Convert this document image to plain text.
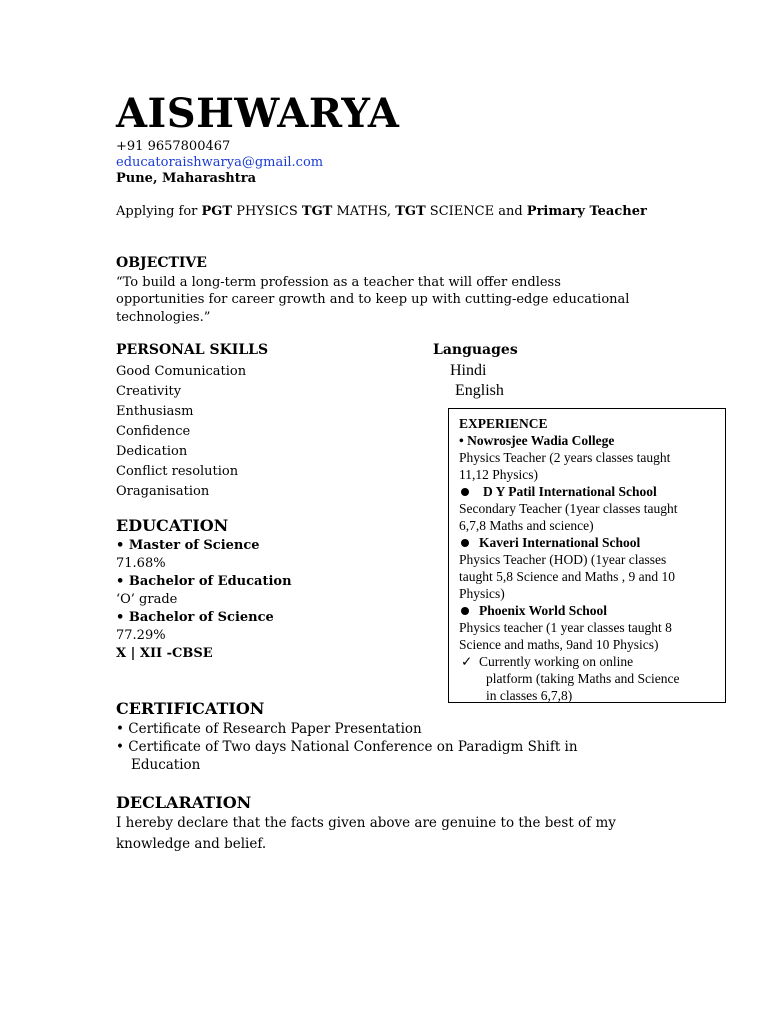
AISHWARYA
+91 9657800467
educatoraishwarya@gmail.com
Pune, Maharashtra
Applying for PGT PHYSICS TGT MATHS, TGT SCIENCE and Primary Teacher
OBJECTIVE
“To build a long-term profession as a teacher that will offer endless
opportunities for career growth and to keep up with cutting-edge educational
technologies.”
PERSONAL SKILLS
Good Comunication
Creativity
Enthusiasm
Confidence
Dedication
Conflict resolution
Oraganisation
Languages
Hindi
English
EXPERIENCE
• Nowrosjee Wadia College
Physics Teacher (2 years classes taught
11,12 Physics)
D Y Patil International School
Secondary Teacher (1year classes taught
6,7,8 Maths and science)
Kaveri International School
Physics Teacher (HOD) (1year classes
taught 5,8 Science and Maths , 9 and 10
Physics)
Phoenix World School
Physics teacher (1 year classes taught 8
Science and maths, 9and 10 Physics)
✓ Currently working on online
platform (taking Maths and Science
in classes 6,7,8)
EDUCATION
• Master of Science
71.68%
• Bachelor of Education
‘O’ grade
• Bachelor of Science
77.29%
X | XII -CBSE
CERTIFICATION
• Certificate of Research Paper Presentation
• Certificate of Two days National Conference on Paradigm Shift in
Education
DECLARATION
I hereby declare that the facts given above are genuine to the best of my
knowledge and belief.
